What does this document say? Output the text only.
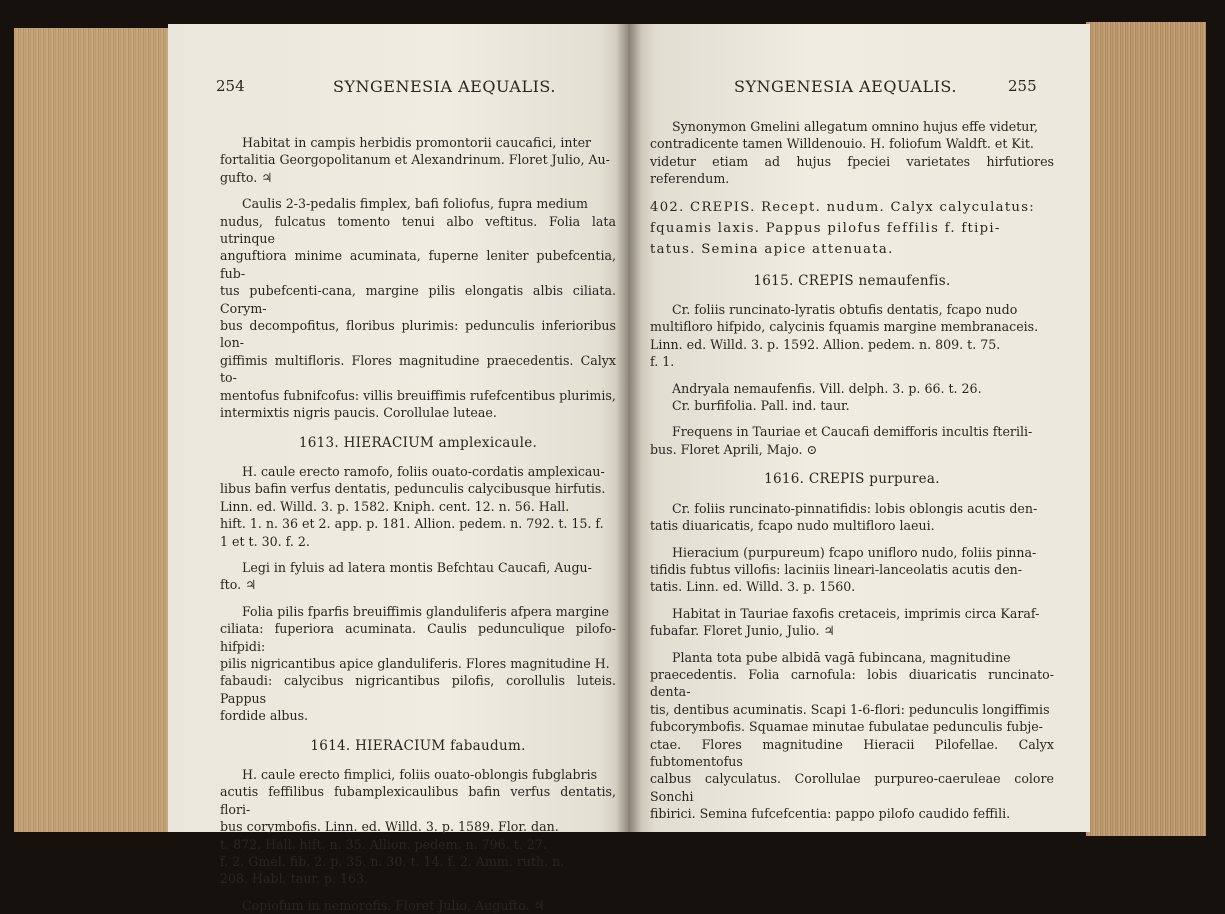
254	SYNGENESIA AEQUALIS.

Habitat in campis herbidis promontorii caucafici, inter

fortalitia Georgopolitanum et Alexandrinum. Floret Julio, Au-

gufto. ♃

Caulis 2-3-pedalis fimplex, bafi foliofus, fupra medium

nudus, fulcatus tomento tenui albo veftitus. Folia lata utrinque

anguftiora minime acuminata, fuperne leniter pubefcentia, fub-

tus pubefcenti-cana, margine pilis elongatis albis ciliata. Corym-

bus decompofitus, floribus plurimis: pedunculis inferioribus lon-

giffimis multifloris. Flores magnitudine praecedentis. Calyx to-

mentofus fubnifcofus: villis breuiffimis rufefcentibus plurimis,

intermixtis nigris paucis. Corollulae luteae.

1613. HIERACIUM amplexicaule.

H. caule erecto ramofo, foliis ouato-cordatis amplexicau-

libus bafin verfus dentatis, pedunculis calycibusque hirfutis.

Linn. ed. Willd. 3. p. 1582. Kniph. cent. 12. n. 56. Hall.

hift. 1. n. 36 et 2. app. p. 181. Allion. pedem. n. 792. t. 15. f.

1 et t. 30. f. 2.

Legi in fyluis ad latera montis Befchtau Caucafi, Augu-

fto. ♃

Folia pilis fparfis breuiffimis glanduliferis afpera margine

ciliata: fuperiora acuminata. Caulis pedunculique pilofo-hifpidi:

pilis nigricantibus apice glanduliferis. Flores magnitudine H.

fabaudi: calycibus nigricantibus pilofis, corollulis luteis. Pappus

fordide albus.

1614. HIERACIUM fabaudum.

H. caule erecto fimplici, foliis ouato-oblongis fubglabris

acutis feffilibus fubamplexicaulibus bafin verfus dentatis, flori-

bus corymbofis. Linn. ed. Willd. 3. p. 1589. Flor. dan.

t. 872. Hall. hift. n. 35. Allion. pedem. n. 796. t. 27.

f. 2. Gmel. fib. 2. p. 35. n. 30. t. 14. f. 2. Amm. ruth. n.

208. Habl. taur. p. 163.

Copiofum in nemorofis. Floret Julio, Augufto. ♃

SYNGENESIA AEQUALIS.	255

Synonymon Gmelini allegatum omnino hujus effe videtur,

contradicente tamen Willdenouio. H. foliofum Waldft. et Kit.

videtur etiam ad hujus fpeciei varietates hirfutiores referendum.

402. CREPIS. Recept. nudum. Calyx calyculatus:

fquamis laxis. Pappus pilofus feffilis f. ftipi-

tatus. Semina apice attenuata.

1615. CREPIS nemaufenfis.

Cr. foliis runcinato-lyratis obtufis dentatis, fcapo nudo

multifloro hifpido, calycinis fquamis margine membranaceis.

Linn. ed. Willd. 3. p. 1592. Allion. pedem. n. 809. t. 75.

f. 1.

Andryala nemaufenfis. Vill. delph. 3. p. 66. t. 26.

Cr. burfifolia. Pall. ind. taur.

Frequens in Tauriae et Caucafi demifforis incultis fterili-

bus. Floret Aprili, Majo. ⊙

1616. CREPIS purpurea.

Cr. foliis runcinato-pinnatifidis: lobis oblongis acutis den-

tatis diuaricatis, fcapo nudo multifloro laeui.

Hieracium (purpureum) fcapo unifloro nudo, foliis pinna-

tifidis fubtus villofis: laciniis lineari-lanceolatis acutis den-

tatis. Linn. ed. Willd. 3. p. 1560.

Habitat in Tauriae faxofis cretaceis, imprimis circa Karaf-

fubafar. Floret Junio, Julio. ♃

Planta tota pube albidā vagā fubincana, magnitudine

praecedentis. Folia carnofula: lobis diuaricatis runcinato-denta-

tis, dentibus acuminatis. Scapi 1-6-flori: pedunculis longiffimis

fubcorymbofis. Squamae minutae fubulatae pedunculis fubje-

ctae. Flores magnitudine Hieracii Pilofellae. Calyx fubtomentofus

calbus calyculatus. Corollulae purpureo-caeruleae colore Sonchi

fibirici. Semina fufcefcentia: pappo pilofo caudido feffili.
